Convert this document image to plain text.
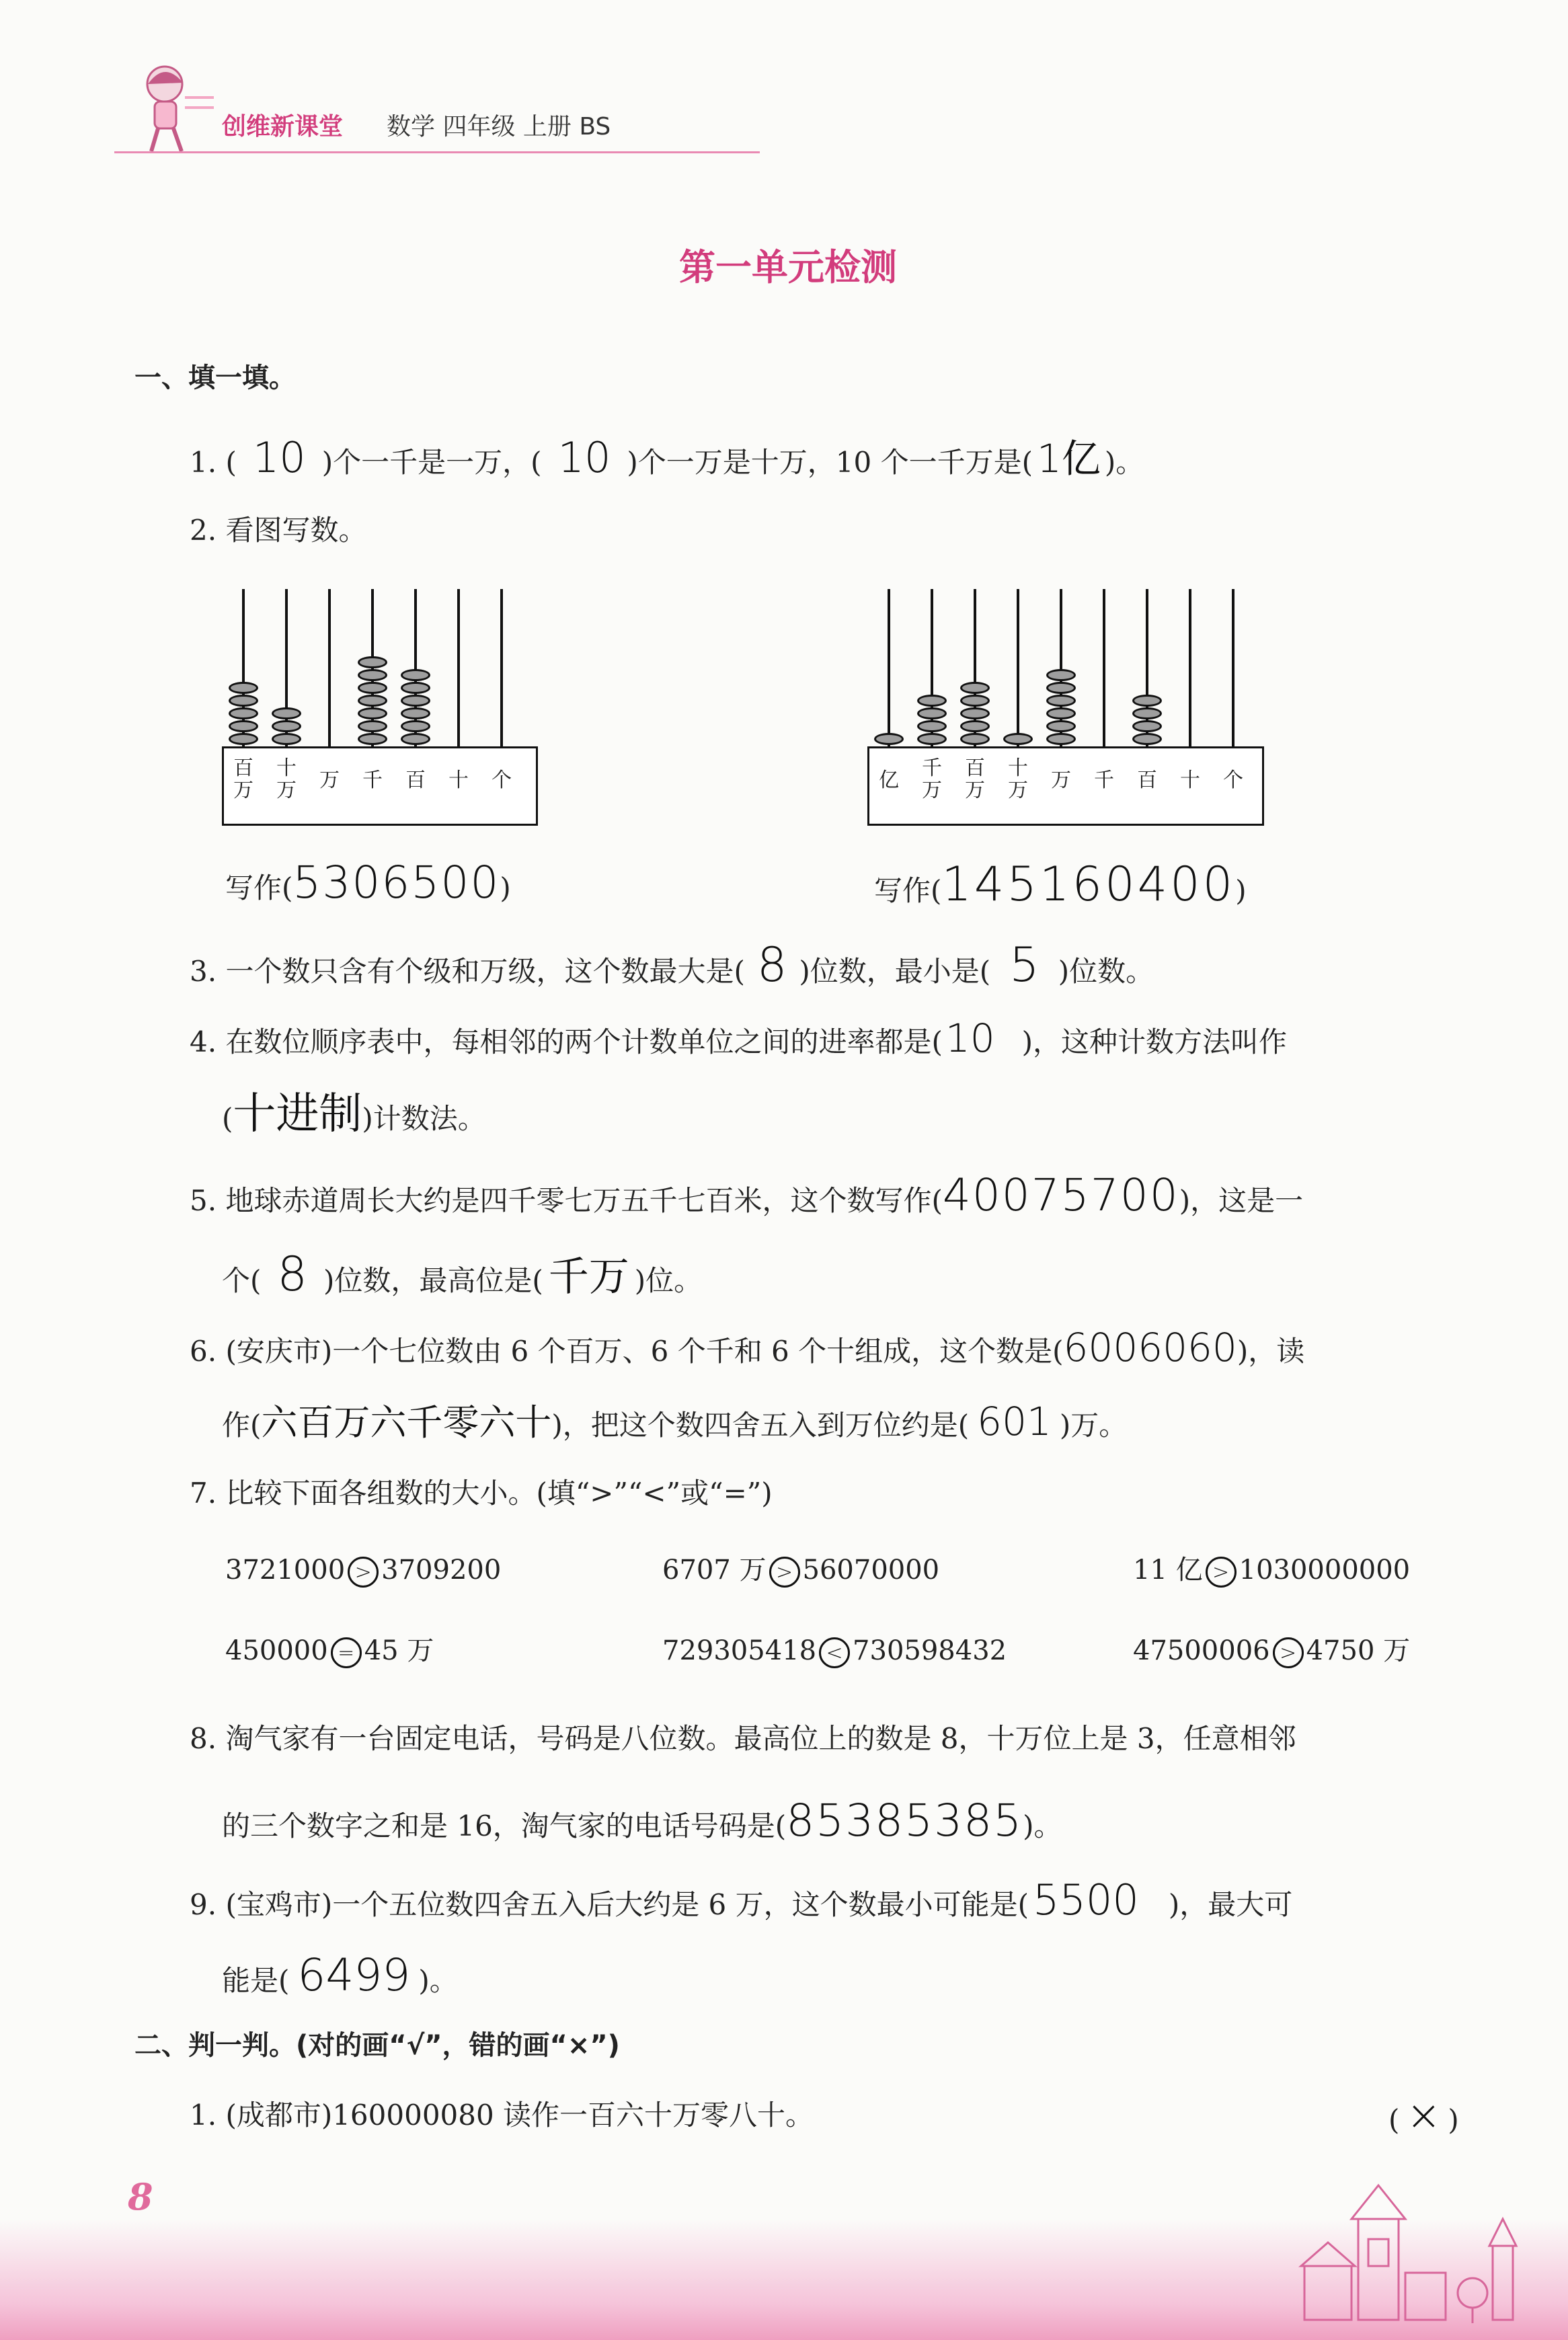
创维新课堂 数学 四年级 上册 BS
第一单元检测
一、填一填。
1. ( 10 )个一千是一万，( 10 )个一万是十万，10 个一千万是( 1亿 )。
2. 看图写数。
百
万
十
万	万	千	百	十	个	亿
千
万
百
万
十
万	万	千	百	十	个
写作(5306500)	写作(145160400)
3. 一个数只含有个级和万级，这个数最大是( 8 )位数，最小是( 5 )位数。
4. 在数位顺序表中，每相邻的两个计数单位之间的进率都是(10 )，这种计数方法叫作
(十进制)计数法。
5. 地球赤道周长大约是四千零七万五千七百米，这个数写作(40075700)，这是一
个( 8 )位数，最高位是( 千万 )位。
6. (安庆市)一个七位数由 6 个百万、6 个千和 6 个十组成，这个数是(6006060)，读
作(六百万六千零六十)，把这个数四舍五入到万位约是( 601 )万。
7. 比较下面各组数的大小。(填“>”“<”或“=”)
3721000 > 3709200	6707 万 > 56070000	11 亿 > 1030000000
450000 = 45 万	729305418 < 730598432	47500006 > 4750 万
8. 淘气家有一台固定电话，号码是八位数。最高位上的数是 8，十万位上是 3，任意相邻
的三个数字之和是 16，淘气家的电话号码是(85385385)。
9. (宝鸡市)一个五位数四舍五入后大约是 6 万，这个数最小可能是(5500 )，最大可
能是( 6499 )。
二、判一判。(对的画“√”，错的画“×”)
1. (成都市)160000080 读作一百六十万零八十。	( × )
8
